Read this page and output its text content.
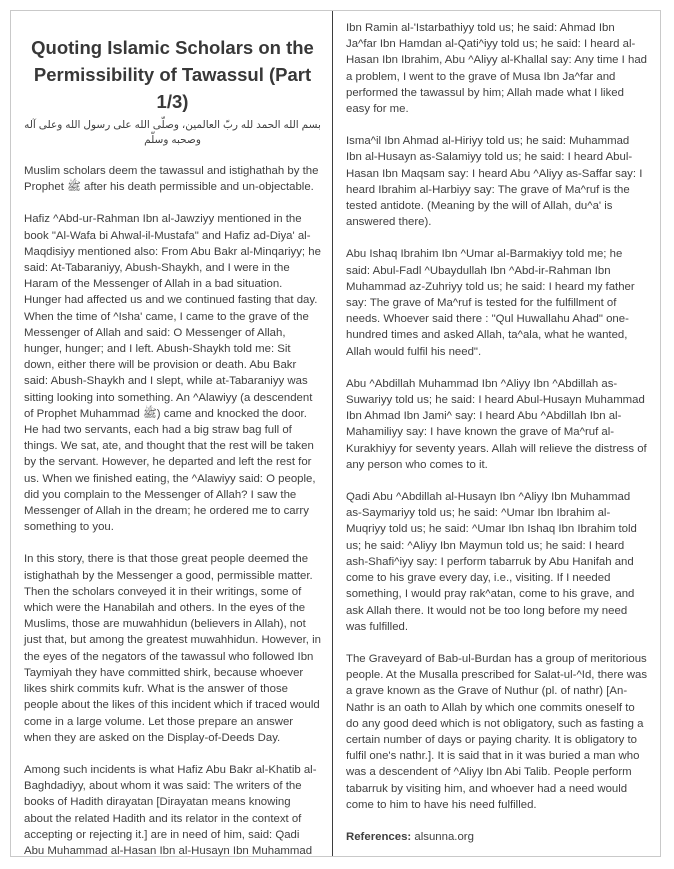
Quoting Islamic Scholars on the Permissibility of Tawassul (Part 1/3)
بسم الله الحمد لله ربّ العالمين، وصلّى الله على رسول الله وعلى آله وصحبه وسلّم

Muslim scholars deem the tawassul and istighathah by the Prophet ﷺ after his death permissible and un-objectable.

Hafiz ^Abd-ur-Rahman Ibn al-Jawziyy mentioned in the book "Al-Wafa bi Ahwal-il-Mustafa" and Hafiz ad-Diya' al-Maqdisiyy mentioned also: From Abu Bakr al-Minqariyy; he said: At-Tabaraniyy, Abush-Shaykh, and I were in the Haram of the Messenger of Allah in a bad situation. Hunger had affected us and we continued fasting that day. When the time of ^Isha' came, I came to the grave of the Messenger of Allah and said: O Messenger of Allah, hunger, hunger; and I left. Abush-Shaykh told me: Sit down, either there will be provision or death. Abu Bakr said: Abush-Shaykh and I slept, while at-Tabaraniyy was sitting looking into something. An ^Alawiyy (a descendent of Prophet Muhammad ﷺ) came and knocked the door. He had two servants, each had a big straw bag full of things. We sat, ate, and thought that the rest will be taken by the servant. However, he departed and left the rest for us. When we finished eating, the ^Alawiyy said: O people, did you complain to the Messenger of Allah? I saw the Messenger of Allah in the dream; he ordered me to carry something to you.

In this story, there is that those great people deemed the istighathah by the Messenger a good, permissible matter. Then the scholars conveyed it in their writings, some of which were the Hanabilah and others. In the eyes of the Muslims, those are muwahhidun (believers in Allah), not just that, but among the greatest muwahhidun. However, in the eyes of the negators of the tawassul who followed Ibn Taymiyah they have committed shirk, because whoever likes shirk commits kufr. What is the answer of those people about the likes of this incident which if traced would come in a large volume. Let those prepare an answer when they are asked on the Display-of-Deeds Day.

Among such incidents is what Hafiz Abu Bakr al-Khatib al-Baghdadiyy, about whom it was said: The writers of the books of Hadith dirayatan [Dirayatan means knowing about the related Hadith and its relator in the context of accepting or rejecting it.] are in need of him, said: Qadi Abu Muhammad al-Hasan Ibn al-Husayn Ibn Muhammad

Ibn Ramin al-'Istarbathiyy told us; he said: Ahmad Ibn Ja^far Ibn Hamdan al-Qati^iyy told us; he said: I heard al-Hasan Ibn Ibrahim, Abu ^Aliyy al-Khallal say: Any time I had a problem, I went to the grave of Musa Ibn Ja^far and performed the tawassul by him; Allah made what I liked easy for me.

Isma^il Ibn Ahmad al-Hiriyy told us; he said: Muhammad Ibn al-Husayn as-Salamiyy told us; he said: I heard Abul-Hasan Ibn Maqsam say: I heard Abu ^Aliyy as-Saffar say: I heard Ibrahim al-Harbiyy say: The grave of Ma^ruf is the tested antidote. (Meaning by the will of Allah, du^a' is answered there).

Abu Ishaq Ibrahim Ibn ^Umar al-Barmakiyy told me; he said: Abul-Fadl ^Ubaydullah Ibn ^Abd-ir-Rahman Ibn Muhammad az-Zuhriyy told us; he said: I heard my father say: The grave of Ma^ruf is tested for the fulfillment of needs. Whoever said there : "Qul Huwallahu Ahad" one-hundred times and asked Allah, ta^ala, what he wanted, Allah would fulfil his need".

Abu ^Abdillah Muhammad Ibn ^Aliyy Ibn ^Abdillah as-Suwariyy told us; he said: I heard Abul-Husayn Muhammad Ibn Ahmad Ibn Jami^ say: I heard Abu ^Abdillah Ibn al-Mahamiliyy say: I have known the grave of Ma^ruf al-Kurakhiyy for seventy years. Allah will relieve the distress of any person who comes to it.

Qadi Abu ^Abdillah al-Husayn Ibn ^Aliyy Ibn Muhammad as-Saymariyy told us; he said: ^Umar Ibn Ibrahim al-Muqriyy told us; he said: ^Umar Ibn Ishaq Ibn Ibrahim told us; he said: ^Aliyy Ibn Maymun told us; he said: I heard ash-Shafi^iyy say: I perform tabarruk by Abu Hanifah and come to his grave every day, i.e., visiting. If I needed something, I would pray rak^atan, come to his grave, and ask Allah there. It would not be too long before my need was fulfilled.

The Graveyard of Bab-ul-Burdan has a group of meritorious people. At the Musalla prescribed for Salat-ul-^Id, there was a grave known as the Grave of Nuthur (pl. of nathr) [An-Nathr is an oath to Allah by which one commits oneself to do any good deed which is not obligatory, such as fasting a certain number of days or paying charity. It is obligatory to fulfil one's nathr.]. It is said that in it was buried a man who was a descendent of ^Aliyy Ibn Abi Talib. People perform tabarruk by visiting him, and whoever had a need would come to him to have his need fulfilled.

References: alsunna.org
